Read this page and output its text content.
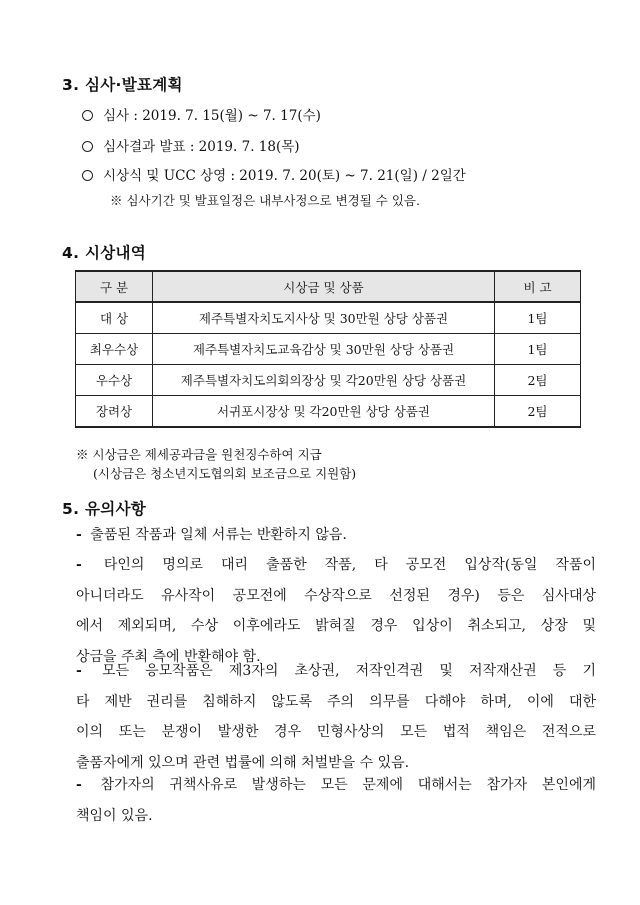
3. 심사·발표계획
심사 : 2019. 7. 15(월) ~ 7. 17(수)
심사결과 발표 : 2019. 7. 18(목)
시상식 및 UCC 상영 : 2019. 7. 20(토) ~ 7. 21(일) / 2일간
※ 심사기간 및 발표일정은 내부사정으로 변경될 수 있음.
4. 시상내역
구 분	시상금 및 상품	비 고
대 상	제주특별자치도지사상 및 30만원 상당 상품권	1팀
최우수상	제주특별자치도교육감상 및 30만원 상당 상품권	1팀
우수상	제주특별자치도의회의장상 및 각20만원 상당 상품권	2팀
장려상	서귀포시장상 및 각20만원 상당 상품권	2팀
※ 시상금은 제세공과금을 원천징수하여 지급
(시상금은 청소년지도협의회 보조금으로 지원함)
5. 유의사항
- 출품된 작품과 일체 서류는 반환하지 않음.
- 타인의 명의로 대리 출품한 작품, 타 공모전 입상작(동일 작품이
아니더라도 유사작이 공모전에 수상작으로 선정된 경우) 등은 심사대상
에서 제외되며, 수상 이후에라도 밝혀질 경우 입상이 취소되고, 상장 및
상금을 주최 측에 반환해야 함.
- 모든 응모작품은 제3자의 초상권, 저작인격권 및 저작재산권 등 기
타 제반 권리를 침해하지 않도록 주의 의무를 다해야 하며, 이에 대한
이의 또는 분쟁이 발생한 경우 민형사상의 모든 법적 책임은 전적으로
출품자에게 있으며 관련 법률에 의해 처벌받을 수 있음.
- 참가자의 귀책사유로 발생하는 모든 문제에 대해서는 참가자 본인에게
책임이 있음.
